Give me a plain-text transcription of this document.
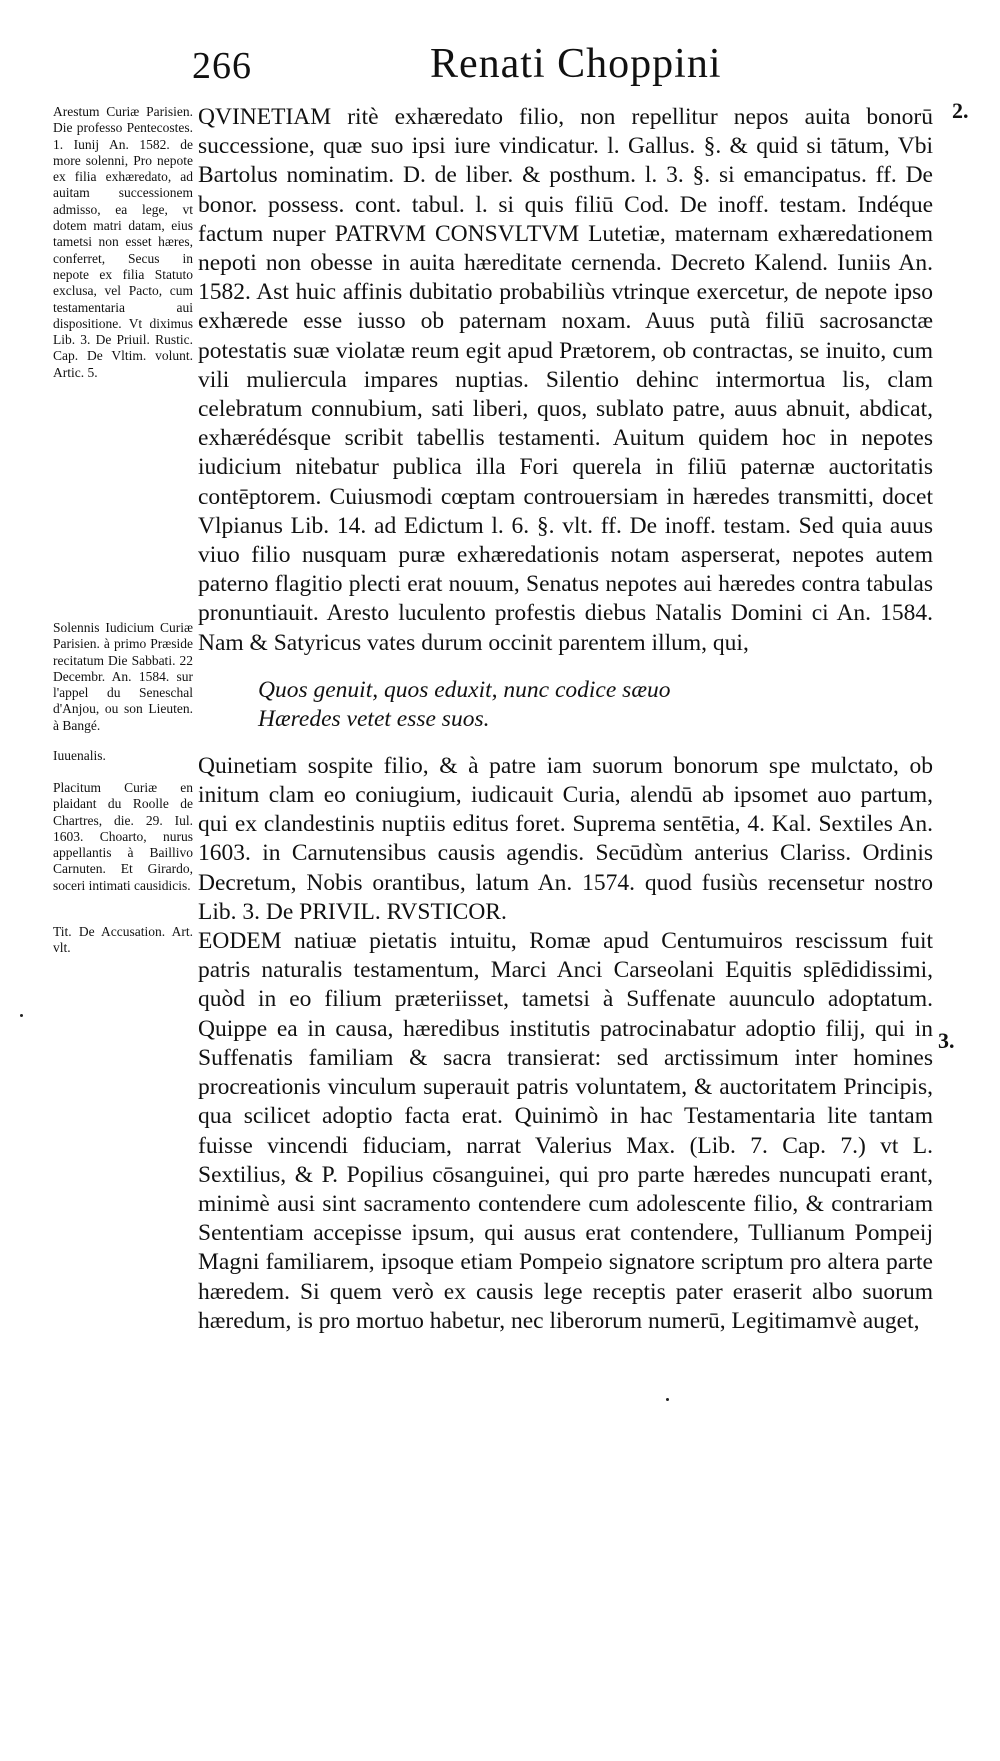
266	Renati Choppini
2.
3.
Arestum Curiæ Parisien. Die professo Pentecostes. 1. Iunij An. 1582. de more solenni, Pro nepote ex filia exhæredato, ad auitam successionem admisso, ea lege, vt dotem matri datam, eius tametsi non esset hæres, conferret, Secus in nepote ex filia Statuto exclusa, vel Pacto, cum testamentaria aui dispositione. Vt diximus Lib. 3. De Priuil. Rustic. Cap. De Vltim. volunt. Artic. 5.
Solennis Iudicium Curiæ Parisien. à primo Præside recitatum Die Sabbati. 22 Decembr. An. 1584. sur l'appel du Seneschal d'Anjou, ou son Lieuten. à Bangé.
Iuuenalis.
Placitum Curiæ en plaidant du Roolle de Chartres, die. 29. Iul. 1603. Choarto, nurus appellantis à Baillivo Carnuten. Et Girardo, soceri intimati causidicis.
Tit. De Accusation. Art. vlt.

QVINETIAM ritè exhæredato filio, non repellitur nepos auita bonorū successione, quæ suo ipsi iure vindicatur. l. Gallus. §. & quid si tātum, Vbi Bartolus nominatim. D. de liber. & posthum. l. 3. §. si emancipatus. ff. De bonor. possess. cont. tabul. l. si quis filiū Cod. De inoff. testam. Indéque factum nuper PATRVM CONSVLTVM Lutetiæ, maternam exhæredationem nepoti non obesse in auita hæreditate cernenda. Decreto Kalend. Iuniis An. 1582. Ast huic affinis dubitatio probabiliùs vtrinque exercetur, de nepote ipso exhærede esse iusso ob paternam noxam. Auus putà filiū sacrosanctæ potestatis suæ violatæ reum egit apud Prætorem, ob contractas, se inuito, cum vili muliercula impares nuptias. Silentio dehinc intermortua lis, clam celebratum connubium, sati liberi, quos, sublato patre, auus abnuit, abdicat, exhærédésque scribit tabellis testamenti. Auitum quidem hoc in nepotes iudicium nitebatur publica illa Fori querela in filiū paternæ auctoritatis contēptorem. Cuiusmodi cœptam controuersiam in hæredes transmitti, docet Vlpianus Lib. 14. ad Edictum l. 6. §. vlt. ff. De inoff. testam. Sed quia auus viuo filio nusquam puræ exhæredationis notam asperserat, nepotes autem paterno flagitio plecti erat nouum, Senatus nepotes aui hæredes contra tabulas pronuntiauit. Aresto luculento profestis diebus Natalis Domini ci An. 1584. Nam & Satyricus vates durum occinit parentem illum, qui,

Quos genuit, quos eduxit, nunc codice sæuo
Hæredes vetet esse suos.

Quinetiam sospite filio, & à patre iam suorum bonorum spe mulctato, ob initum clam eo coniugium, iudicauit Curia, alendū ab ipsomet auo partum, qui ex clandestinis nuptiis editus foret. Suprema sentētia, 4. Kal. Sextiles An. 1603. in Carnutensibus causis agendis. Secūdùm anterius Clariss. Ordinis Decretum, Nobis orantibus, latum An. 1574. quod fusiùs recensetur nostro Lib. 3. De PRIVIL. RVSTICOR.

EODEM natiuæ pietatis intuitu, Romæ apud Centumuiros rescissum fuit patris naturalis testamentum, Marci Anci Carseolani Equitis splēdidissimi, quòd in eo filium præteriisset, tametsi à Suffenate auunculo adoptatum. Quippe ea in causa, hæredibus institutis patrocinabatur adoptio filij, qui in Suffenatis familiam & sacra transierat: sed arctissimum inter homines procreationis vinculum superauit patris voluntatem, & auctoritatem Principis, qua scilicet adoptio facta erat. Quinimò in hac Testamentaria lite tantam fuisse vincendi fiduciam, narrat Valerius Max. (Lib. 7. Cap. 7.) vt L. Sextilius, & P. Popilius cōsanguinei, qui pro parte hæredes nuncupati erant, minimè ausi sint sacramento contendere cum adolescente filio, & contrariam Sententiam accepisse ipsum, qui ausus erat contendere, Tullianum Pompeij Magni familiarem, ipsoque etiam Pompeio signatore scriptum pro altera parte hæredem. Si quem verò ex causis lege receptis pater eraserit albo suorum hæredum, is pro mortuo habetur, nec liberorum numerū, Legitimamvè auget,
